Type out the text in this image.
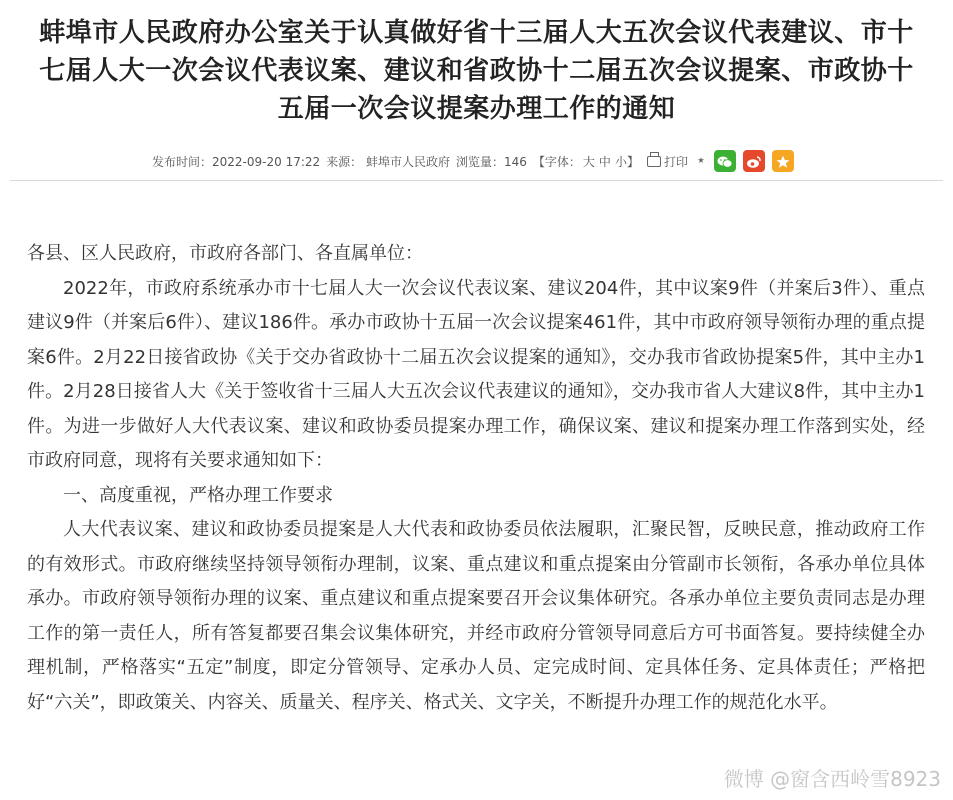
蚌埠市人民政府办公室关于认真做好省十三届人大五次会议代表建议、市十
七届人大一次会议代表议案、建议和省政协十二届五次会议提案、市政协十
五届一次会议提案办理工作的通知
发布时间：2022-09-20 17:22 来源： 蚌埠市人民政府 浏览量：146 【字体： 大 中 小】 打印 ⭑

各县、区人民政府，市政府各部门、各直属单位：

2022年，市政府系统承办市十七届人大一次会议代表议案、建议204件，其中议案9件（并案后3件）、重点建议9件（并案后6件）、建议186件。承办市政协十五届一次会议提案461件，其中市政府领导领衔办理的重点提案6件。2月22日接省政协《关于交办省政协十二届五次会议提案的通知》，交办我市省政协提案5件，其中主办1件。2月28日接省人大《关于签收省十三届人大五次会议代表建议的通知》，交办我市省人大建议8件，其中主办1件。为进一步做好人大代表议案、建议和政协委员提案办理工作，确保议案、建议和提案办理工作落到实处，经市政府同意，现将有关要求通知如下：

一、高度重视，严格办理工作要求

人大代表议案、建议和政协委员提案是人大代表和政协委员依法履职，汇聚民智，反映民意，推动政府工作的有效形式。市政府继续坚持领导领衔办理制，议案、重点建议和重点提案由分管副市长领衔，各承办单位具体承办。市政府领导领衔办理的议案、重点建议和重点提案要召开会议集体研究。各承办单位主要负责同志是办理工作的第一责任人，所有答复都要召集会议集体研究，并经市政府分管领导同意后方可书面答复。要持续健全办理机制，严格落实“五定”制度，即定分管领导、定承办人员、定完成时间、定具体任务、定具体责任；严格把好“六关”，即政策关、内容关、质量关、程序关、格式关、文字关，不断提升办理工作的规范化水平。

微博 @窗含西岭雪8923
